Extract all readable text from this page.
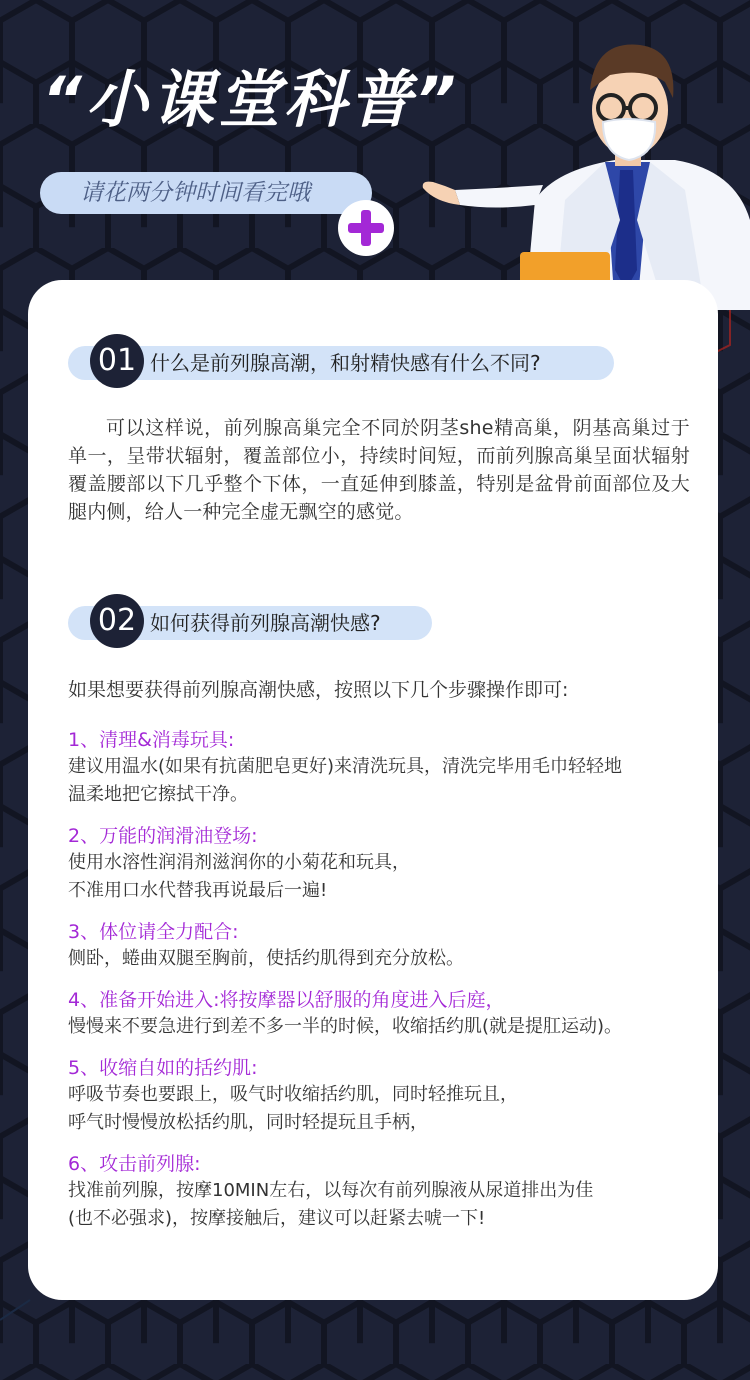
“小课堂科普”
请花两分钟时间看完哦
01 什么是前列腺高潮，和射精快感有什么不同?
可以这样说，前列腺高巢完全不同於阴茎she精高巢，阴基高巢过于单一，呈带状辐射，覆盖部位小，持续时间短，而前列腺高巢呈面状辐射覆盖腰部以下几乎整个下体，一直延伸到膝盖，特别是盆骨前面部位及大腿内侧，给人一种完全虚无飘空的感觉。
02 如何获得前列腺高潮快感?
如果想要获得前列腺高潮快感，按照以下几个步骤操作即可:
1、清理&消毒玩具:
建议用温水(如果有抗菌肥皂更好)来清洗玩具，清洗完毕用毛巾轻轻地
温柔地把它擦拭干净。
2、万能的润滑油登场:
使用水溶性润涓剂滋润你的小菊花和玩具，
不准用口水代替我再说最后一遍!
3、体位请全力配合:
侧卧，蜷曲双腿至胸前，使括约肌得到充分放松。
4、准备开始进入:将按摩器以舒服的角度进入后庭，
慢慢来不要急进行到差不多一半的时候，收缩括约肌(就是提肛运动)。
5、收缩自如的括约肌:
呼吸节奏也要跟上，吸气时收缩括约肌，同时轻推玩且，
呼气时慢慢放松括约肌，同时轻提玩且手柄，
6、攻击前列腺:
找准前列腺，按摩10MIN左右，以每次有前列腺液从尿道排出为佳
(也不必强求)，按摩接触后，建议可以赶紧去唬一下!
